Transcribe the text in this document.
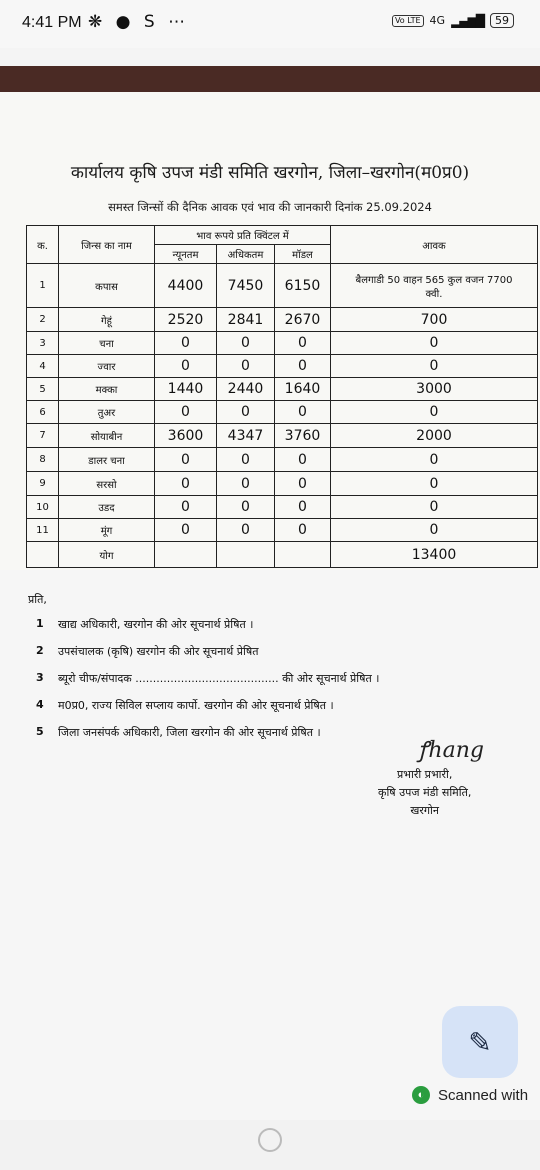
4:41 PM ❋ ● S ⋯	Vo LTE 4G ▂▄▆█	59
कार्यालय कृषि उपज मंडी समिति खरगोन, जिला–खरगोन(म0प्र0)
समस्त जिन्सों की दैनिक आवक एवं भाव की जानकारी दिनांक 25.09.2024
क.	जिन्स का नाम	भाव रूपये प्रति क्विंटल में			आवक
		न्यूनतम	अधिकतम	मॉडल	
1	कपास	4400	7450	6150	बैलगाडी 50 वाहन 565 कुल वजन 7700 क्वी.
2	गेहूं	2520	2841	2670	700
3	चना	0	0	0	0
4	ज्वार	0	0	0	0
5	मक्का	1440	2440	1640	3000
6	तुअर	0	0	0	0
7	सोयाबीन	3600	4347	3760	2000
8	डालर चना	0	0	0	0
9	सरसो	0	0	0	0
10	उडद	0	0	0	0
11	मूंग	0	0	0	0
	योग				13400
प्रति,
1	खाद्य अधिकारी, खरगोन की ओर सूचनार्थ प्रेषित ।
2	उपसंचालक (कृषि) खरगोन की ओर सूचनार्थ प्रेषित
3	ब्यूरो चीफ/संपादक ......................................... की ओर सूचनार्थ प्रेषित ।
4	म0प्र0, राज्य सिविल सप्लाय कार्पो. खरगोन की ओर सूचनार्थ प्रेषित ।
5	जिला जनसंपर्क अधिकारी, जिला खरगोन की ओर सूचनार्थ प्रेषित ।
ꝭhang
प्रभारी प्रभारी,
कृषि उपज मंडी समिति,
खरगोन
✎
◐ Scanned with
